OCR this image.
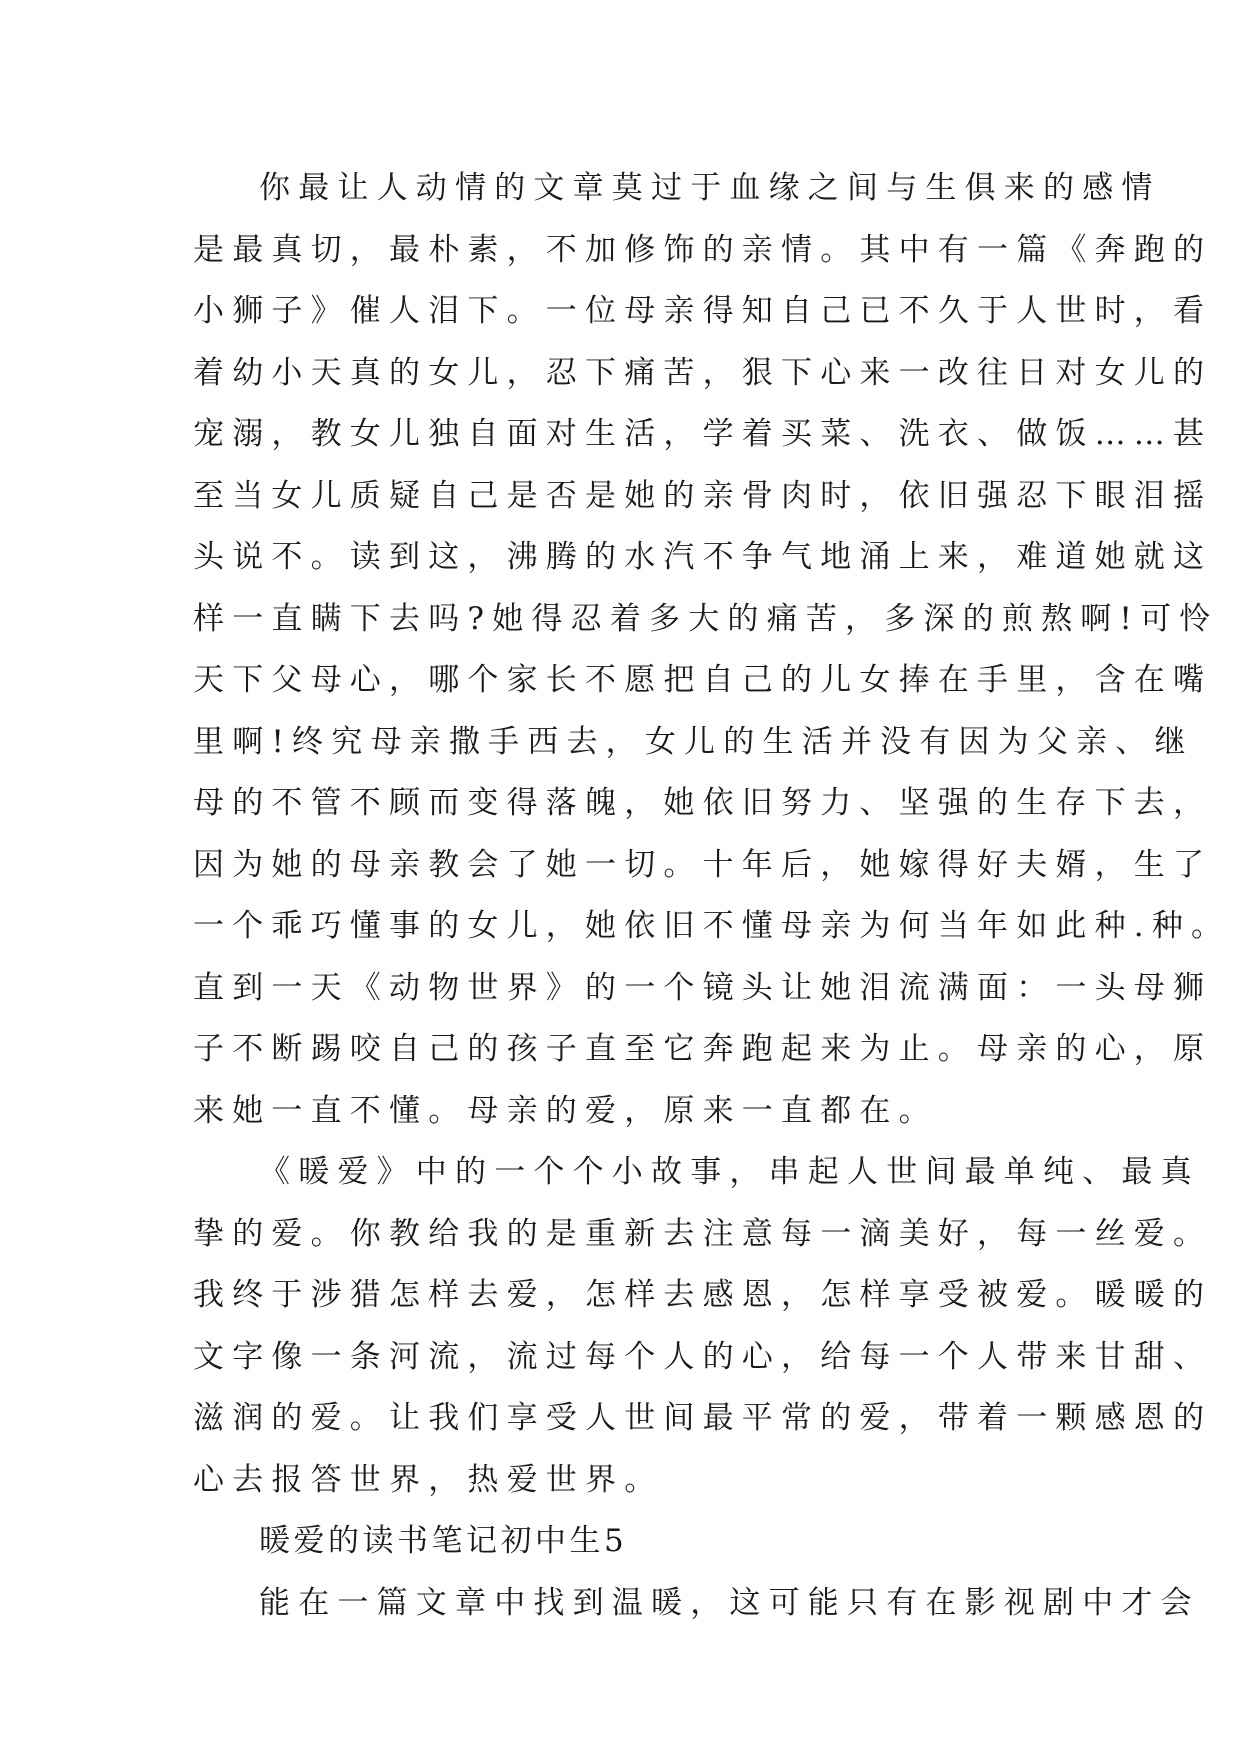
你最让人动情的文章莫过于血缘之间与生俱来的感情
是最真切，最朴素，不加修饰的亲情。其中有一篇《奔跑的
小狮子》催人泪下。一位母亲得知自己已不久于人世时，看
着幼小天真的女儿，忍下痛苦，狠下心来一改往日对女儿的
宠溺，教女儿独自面对生活，学着买菜、洗衣、做饭……甚
至当女儿质疑自己是否是她的亲骨肉时，依旧强忍下眼泪摇
头说不。读到这，沸腾的水汽不争气地涌上来，难道她就这
样一直瞒下去吗?她得忍着多大的痛苦，多深的煎熬啊!可怜
天下父母心，哪个家长不愿把自己的儿女捧在手里，含在嘴
里啊!终究母亲撒手西去，女儿的生活并没有因为父亲、继
母的不管不顾而变得落魄，她依旧努力、坚强的生存下去，
因为她的母亲教会了她一切。十年后，她嫁得好夫婿，生了
一个乖巧懂事的女儿，她依旧不懂母亲为何当年如此种.种。
直到一天《动物世界》的一个镜头让她泪流满面：一头母狮
子不断踢咬自己的孩子直至它奔跑起来为止。母亲的心，原
来她一直不懂。母亲的爱，原来一直都在。
《暖爱》中的一个个小故事，串起人世间最单纯、最真
挚的爱。你教给我的是重新去注意每一滴美好，每一丝爱。
我终于涉猎怎样去爱，怎样去感恩，怎样享受被爱。暖暖的
文字像一条河流，流过每个人的心，给每一个人带来甘甜、
滋润的爱。让我们享受人世间最平常的爱，带着一颗感恩的
心去报答世界，热爱世界。
暖爱的读书笔记初中生5
能在一篇文章中找到温暖，这可能只有在影视剧中才会
